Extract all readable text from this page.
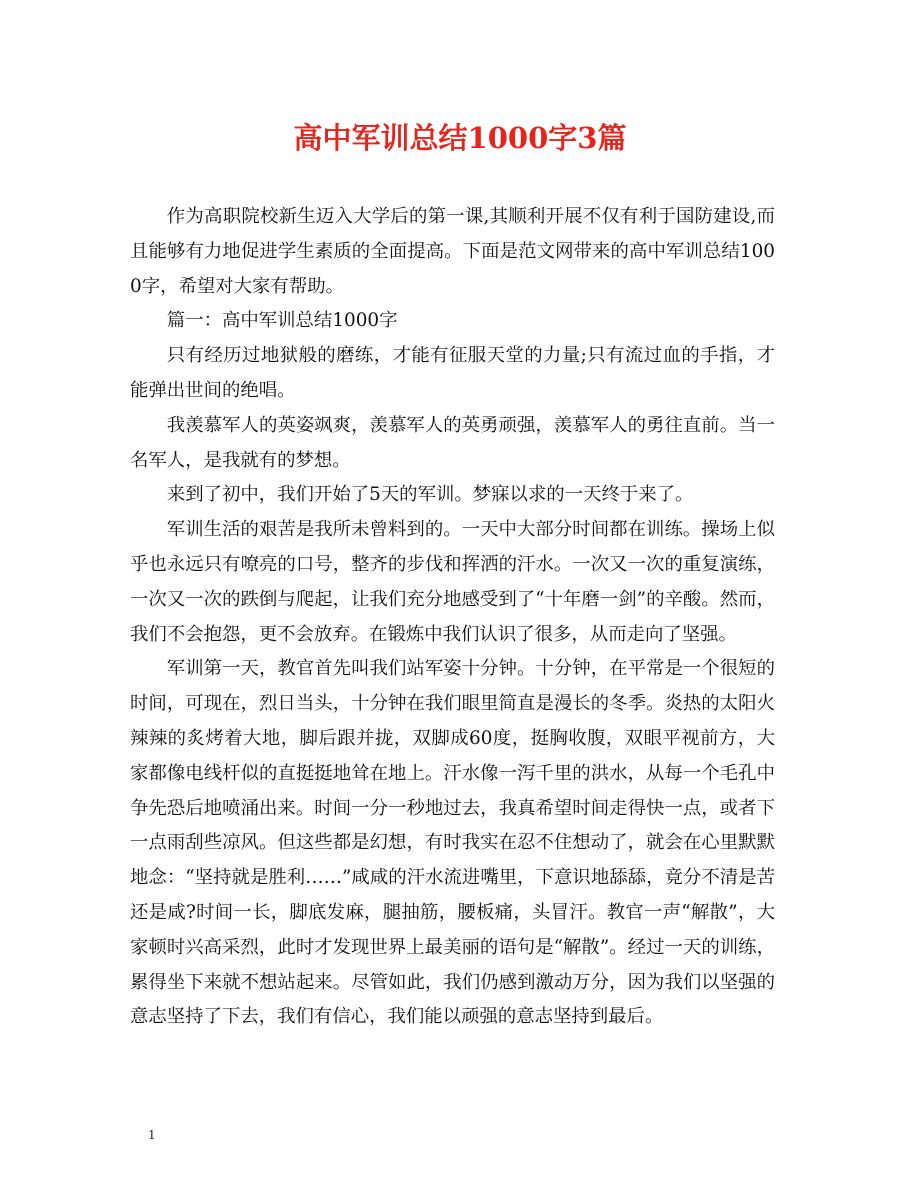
高中军训总结1000字3篇

作为高职院校新生迈入大学后的第一课,其顺利开展不仅有利于国防建设,而且能够有力地促进学生素质的全面提高。下面是范文网带来的高中军训总结1000字，希望对大家有帮助。

篇一：高中军训总结1000字

只有经历过地狱般的磨练，才能有征服天堂的力量;只有流过血的手指，才能弹出世间的绝唱。

我羡慕军人的英姿飒爽，羡慕军人的英勇顽强，羡慕军人的勇往直前。当一名军人，是我就有的梦想。

来到了初中，我们开始了5天的军训。梦寐以求的一天终于来了。

军训生活的艰苦是我所未曾料到的。一天中大部分时间都在训练。操场上似乎也永远只有嘹亮的口号，整齐的步伐和挥洒的汗水。一次又一次的重复演练，一次又一次的跌倒与爬起，让我们充分地感受到了“十年磨一剑”的辛酸。然而，我们不会抱怨，更不会放弃。在锻炼中我们认识了很多，从而走向了坚强。

军训第一天，教官首先叫我们站军姿十分钟。十分钟，在平常是一个很短的时间，可现在，烈日当头，十分钟在我们眼里简直是漫长的冬季。炎热的太阳火辣辣的炙烤着大地，脚后跟并拢，双脚成60度，挺胸收腹，双眼平视前方，大家都像电线杆似的直挺挺地耸在地上。汗水像一泻千里的洪水，从每一个毛孔中争先恐后地喷涌出来。时间一分一秒地过去，我真希望时间走得快一点，或者下一点雨刮些凉风。但这些都是幻想，有时我实在忍不住想动了，就会在心里默默地念：“坚持就是胜利……”咸咸的汗水流进嘴里，下意识地舔舔，竟分不清是苦还是咸?时间一长，脚底发麻，腿抽筋，腰板痛，头冒汗。教官一声“解散”，大家顿时兴高采烈，此时才发现世界上最美丽的语句是“解散”。经过一天的训练，累得坐下来就不想站起来。尽管如此，我们仍感到激动万分，因为我们以坚强的意志坚持了下去，我们有信心，我们能以顽强的意志坚持到最后。

1
